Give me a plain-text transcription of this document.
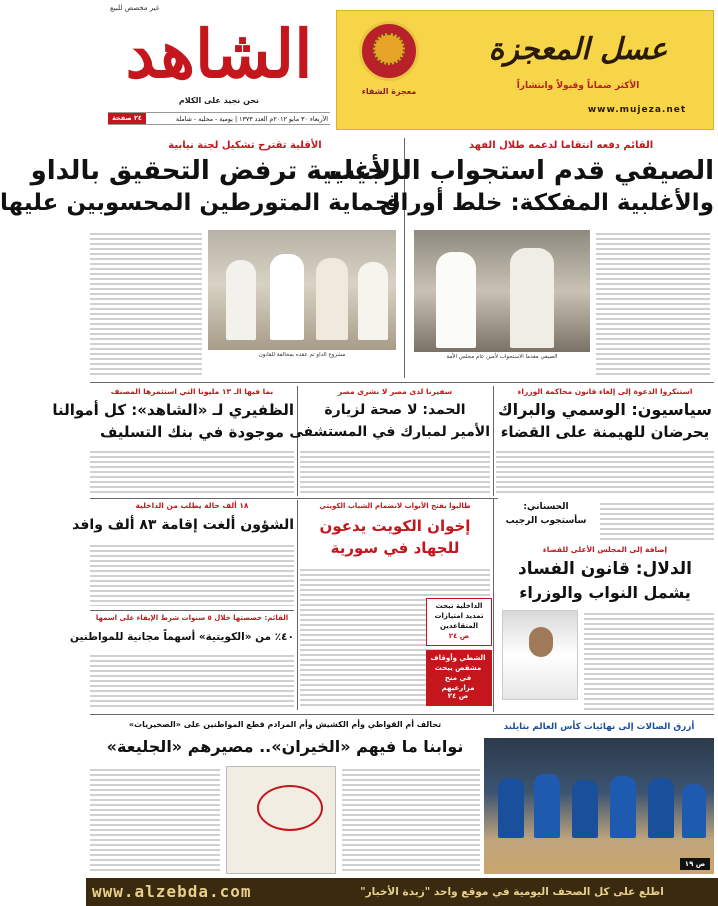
غير مخصص للبيع
الشاهد
نحن نجيد على الكلام
الأربعاء ٣٠ مايو ٢٠١٢م العدد ١٣٧٣ | يومية - محلية - شاملة
٢٤ صفحة
معجزة الشفاء
عسل المعجزة
الأكثر ضماناً وقبولاً وانتشاراً
www.mujeza.net
الأقلية تقترح تشكيل لجنة نيابية
الأغلبية ترفض التحقيق بالداو
لحماية المتورطين المحسوبين عليها
مشروع الداو تم عقده بمخالفة للقانون
القائم دفعه انتقاما لدعمه طلال الفهد
الصيفي قدم استجواب الرجيب
والأغلبية المفككة: خلط أوراق
الصيفي مقدما الاستجواب لأمين عام مجلس الأمة
بما فيها الـ ١٣ مليونا التي استثمرها المصنف
الظفيري لـ «الشاهد»: كل أموالنا
موجودة في بنك التسليف
سفيرنا لدى مصر لا نشرى مصر
الحمد: لا صحة لزيارة
الأمير لمبارك في المستشفى
استنكروا الدعوة إلى إلغاء قانون محاكمة الوزراء
سياسيون: الوسمي والبراك
يحرضان للهيمنة على القضاء
١٨ ألف حالة يطلب من الداخلية
الشؤون ألغت إقامة ٨٣ ألف وافد
طالبوا بفتح الأبواب لانضمام الشباب الكويتي
إخوان الكويت يدعون
للجهاد في سورية	إضافة إلى المجلس الأعلى للقضاء
الدلال: قانون الفساد
يشمل النواب والوزراء
الحسناني:
سأستجوب الرجيب
الداخلية تبحث تمديد امتيازات المتقاعدين
ص ٢٤
الشطي وأوقاف مشقص يبحث في منح مزارعيهم
ص ٢٤
القائم: خصصتها خلال ٥ سنوات شرط الإيفاء على اسمها
٤٠٪ من «الكويتية» أسهماً مجانية للمواطنين
تحالف أم القواطي وأم الكشيش وأم المرادم قطع المواطنين على «الصخيريات»
نوابنا ما فيهم «الخيران».. مصيرهم «الجليعة»
أزرق الصالات إلى نهائيات كأس العالم بتايلند
ص ١٩
www.alzebda.com	اطلع على كل الصحف اليومية في موقع واحد "زبدة الأخبار"
